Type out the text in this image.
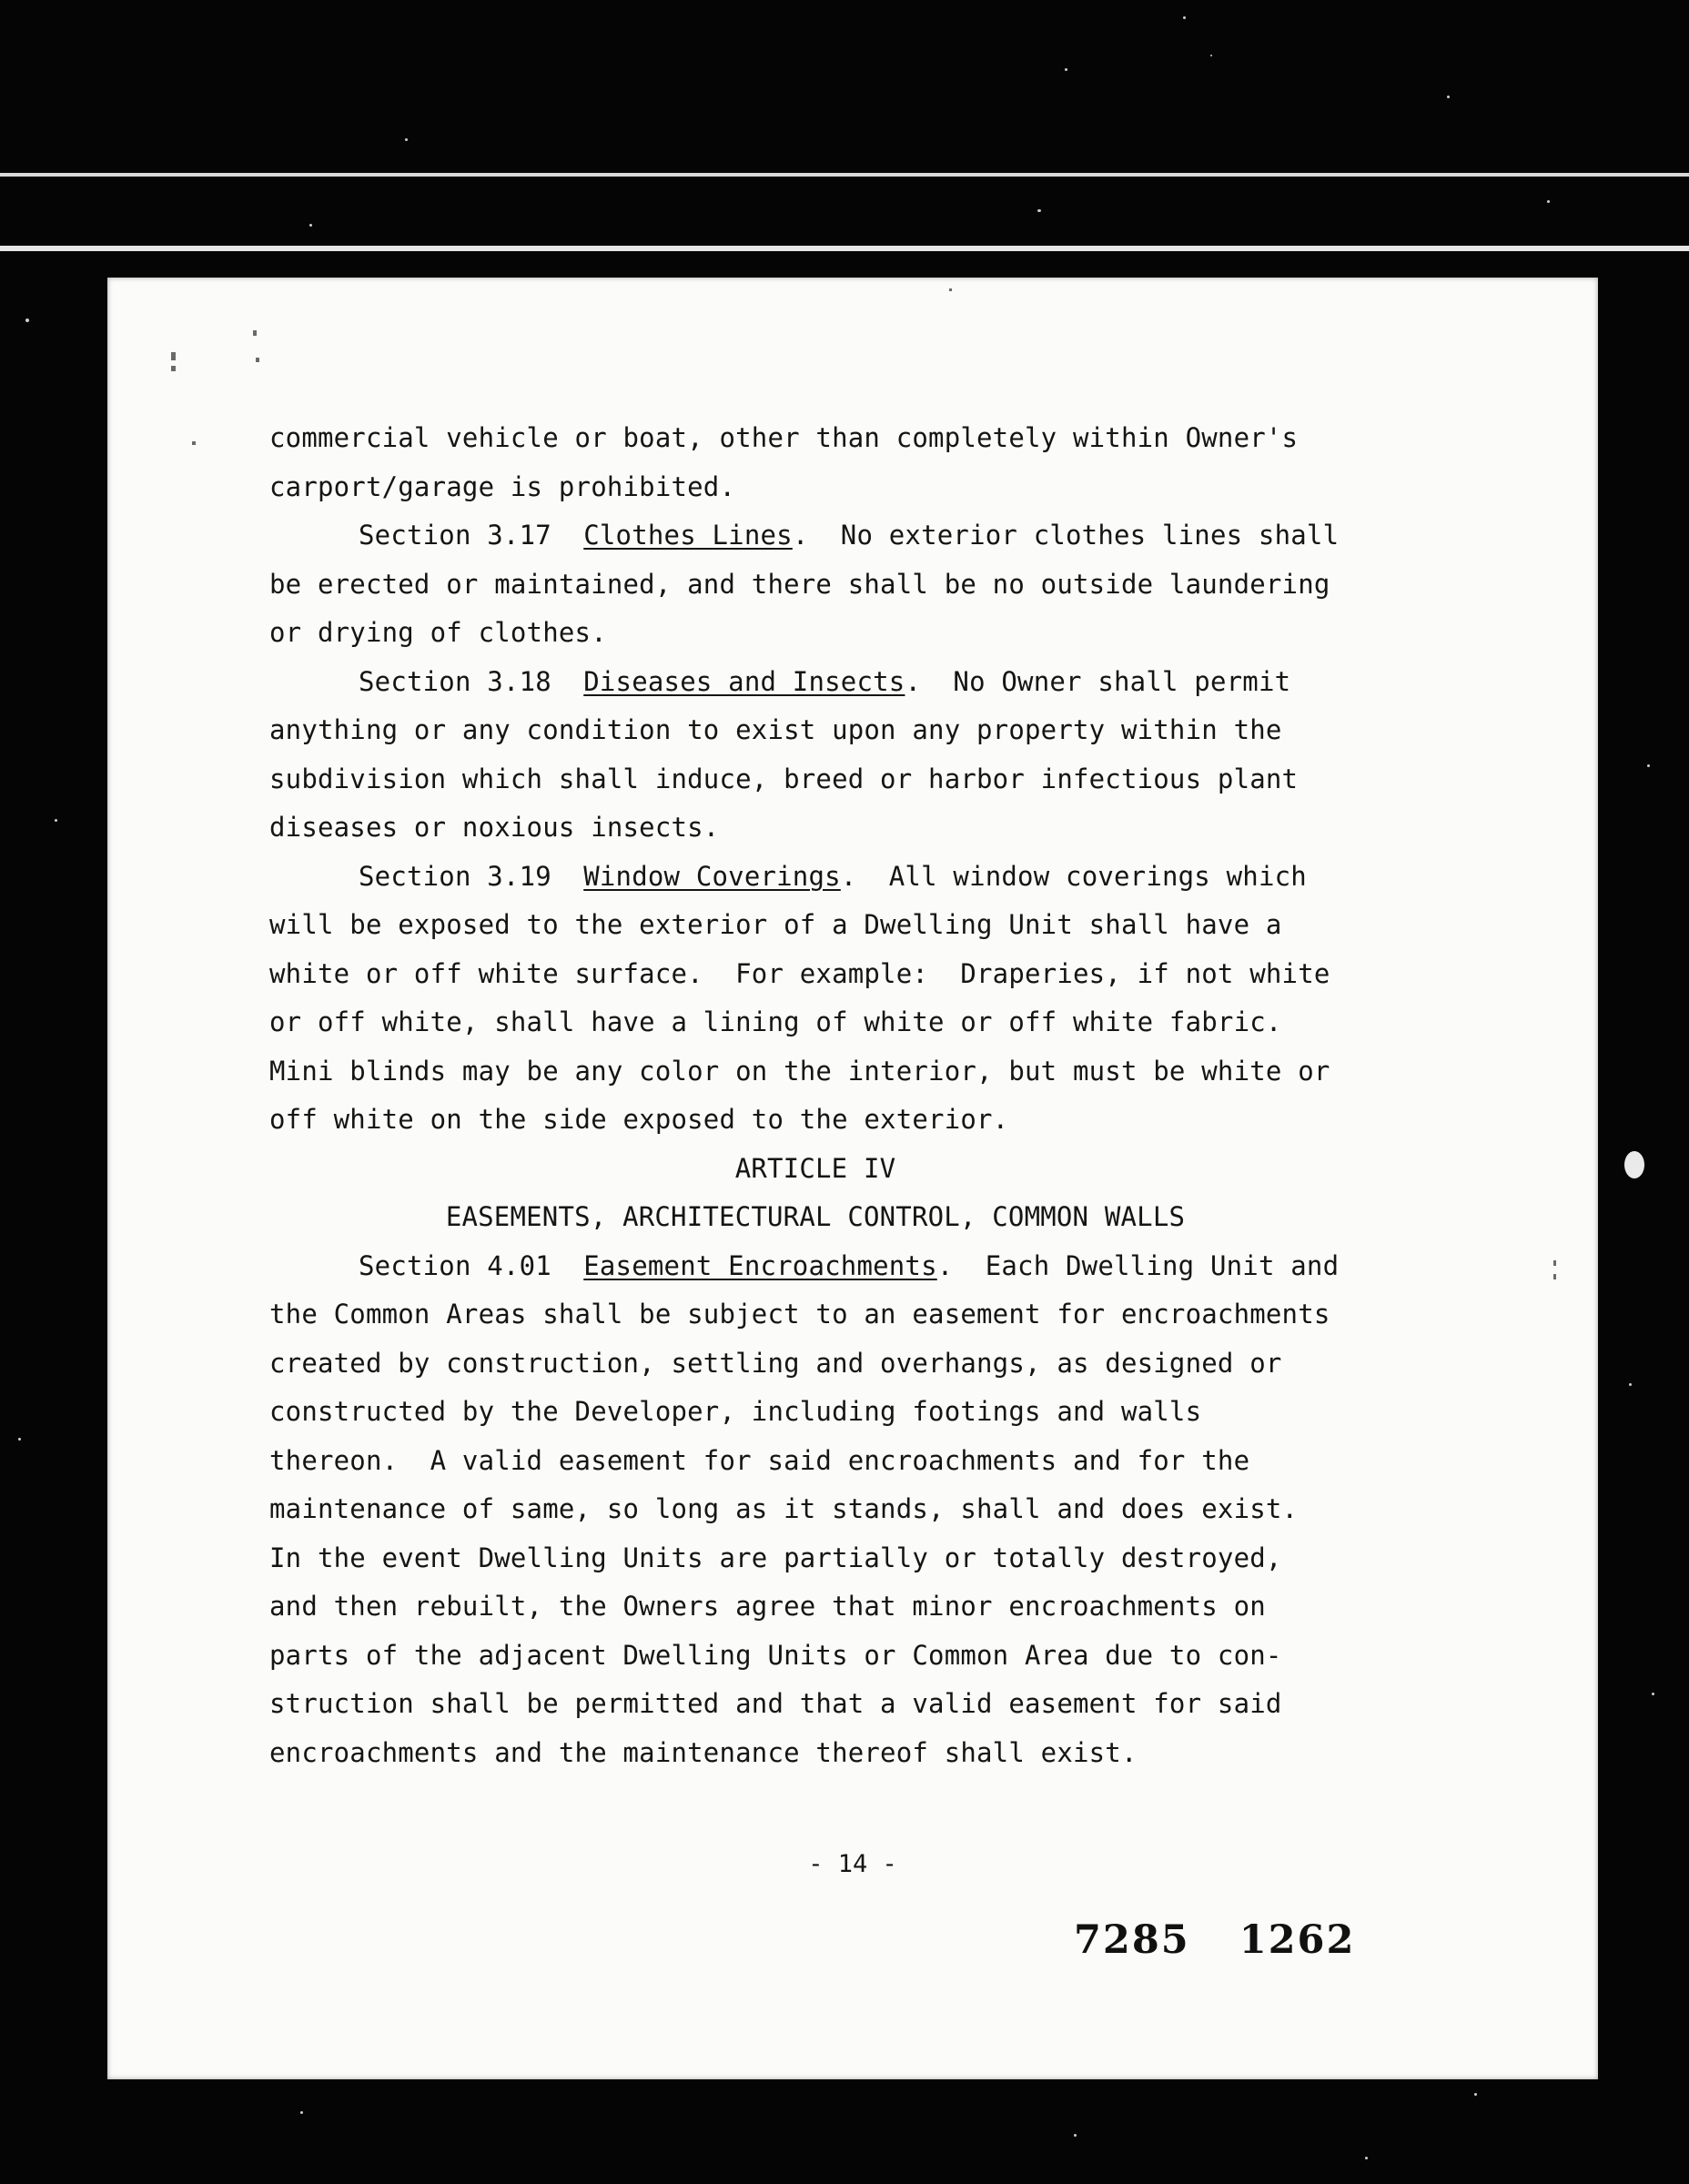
commercial vehicle or boat, other than completely within Owner's
carport/garage is prohibited.
Section 3.17  Clothes Lines.  No exterior clothes lines shall
be erected or maintained, and there shall be no outside laundering
or drying of clothes.
Section 3.18  Diseases and Insects.  No Owner shall permit
anything or any condition to exist upon any property within the
subdivision which shall induce, breed or harbor infectious plant
diseases or noxious insects.
Section 3.19  Window Coverings.  All window coverings which
will be exposed to the exterior of a Dwelling Unit shall have a
white or off white surface.  For example:  Draperies, if not white
or off white, shall have a lining of white or off white fabric.
Mini blinds may be any color on the interior, but must be white or
off white on the side exposed to the exterior.
ARTICLE IV
EASEMENTS, ARCHITECTURAL CONTROL, COMMON WALLS
Section 4.01  Easement Encroachments.  Each Dwelling Unit and
the Common Areas shall be subject to an easement for encroachments
created by construction, settling and overhangs, as designed or
constructed by the Developer, including footings and walls
thereon.  A valid easement for said encroachments and for the
maintenance of same, so long as it stands, shall and does exist.
In the event Dwelling Units are partially or totally destroyed,
and then rebuilt, the Owners agree that minor encroachments on
parts of the adjacent Dwelling Units or Common Area due to con-
struction shall be permitted and that a valid easement for said
encroachments and the maintenance thereof shall exist.
- 14 -
7285 1262
